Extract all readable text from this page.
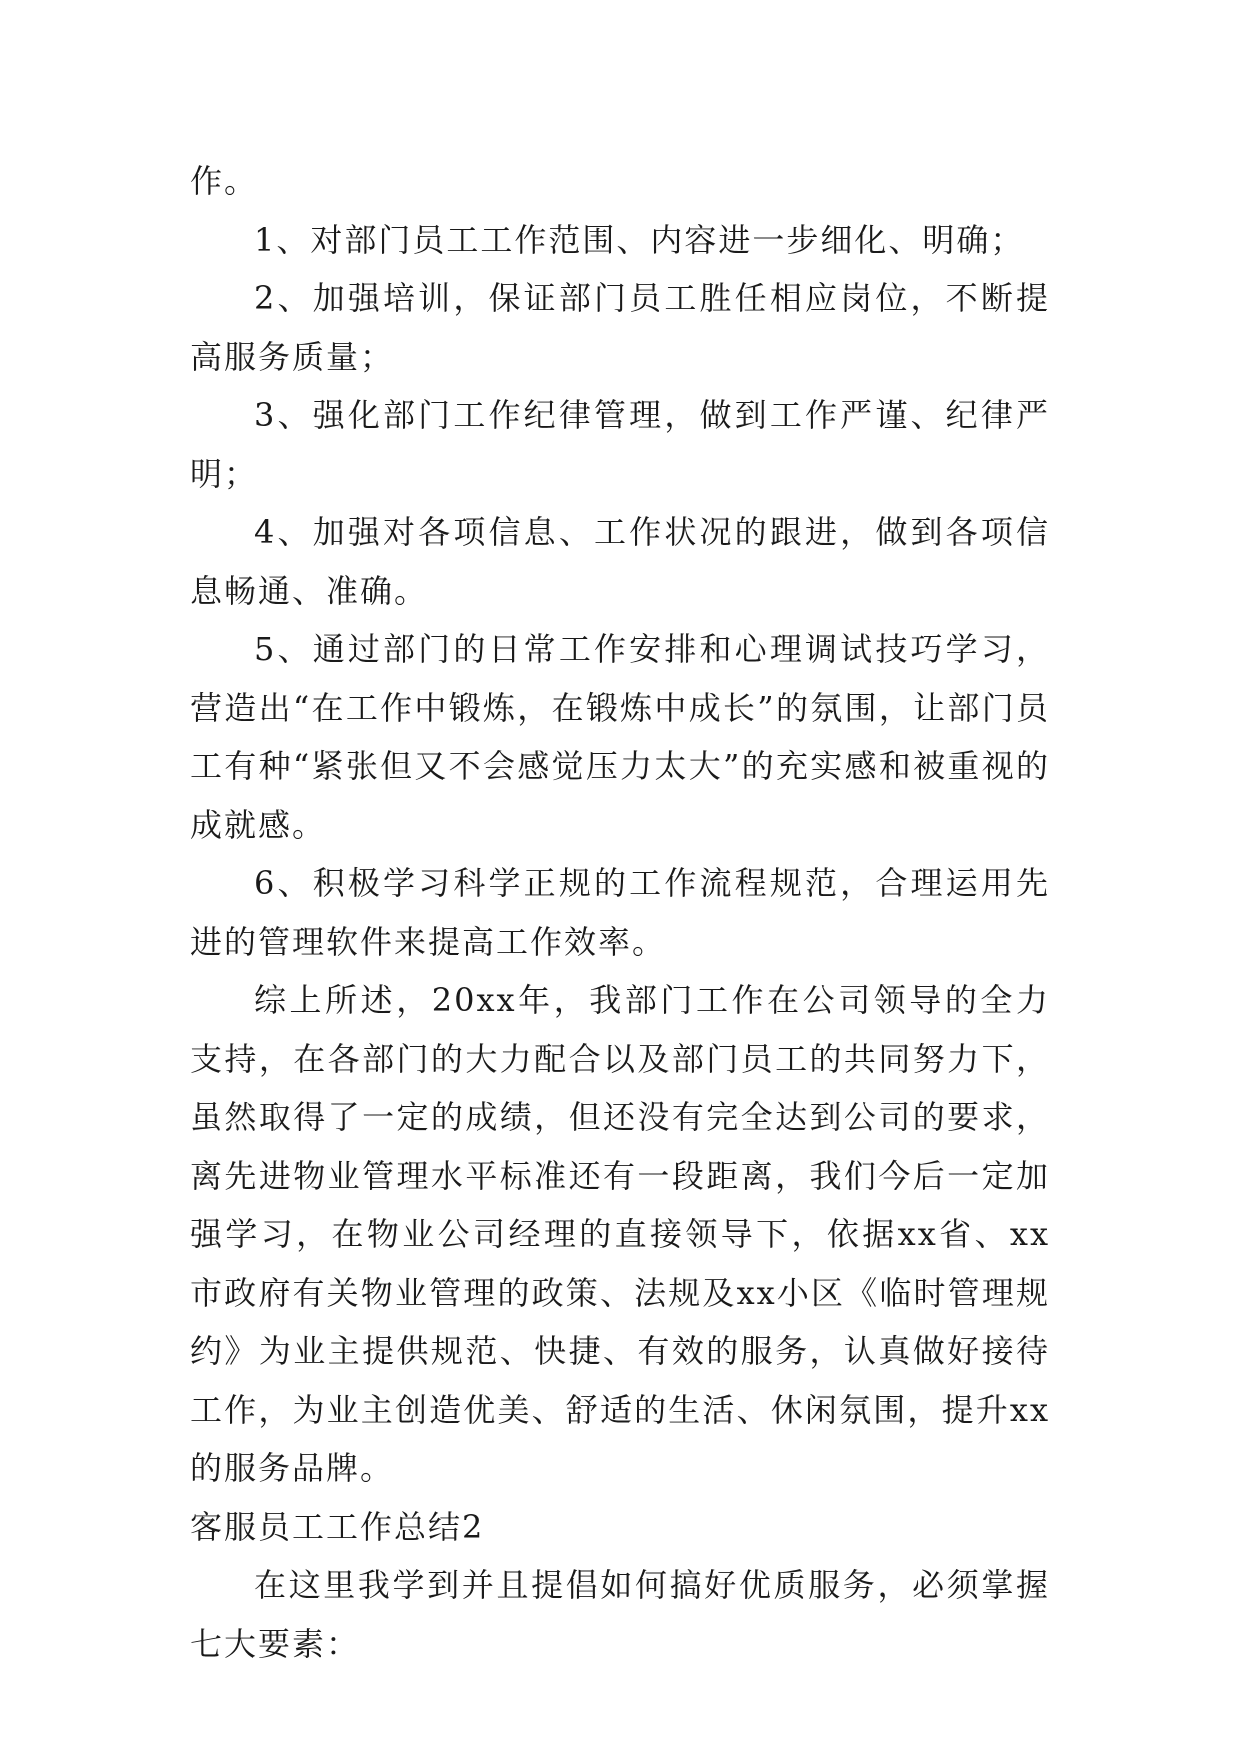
作。

1、对部门员工工作范围、内容进一步细化、明确；

2、加强培训，保证部门员工胜任相应岗位，不断提高服务质量；

3、强化部门工作纪律管理，做到工作严谨、纪律严明；

4、加强对各项信息、工作状况的跟进，做到各项信息畅通、准确。

5、通过部门的日常工作安排和心理调试技巧学习，营造出“在工作中锻炼，在锻炼中成长”的氛围，让部门员工有种“紧张但又不会感觉压力太大”的充实感和被重视的成就感。

6、积极学习科学正规的工作流程规范，合理运用先进的管理软件来提高工作效率。

综上所述，20xx年，我部门工作在公司领导的全力支持，在各部门的大力配合以及部门员工的共同努力下，虽然取得了一定的成绩，但还没有完全达到公司的要求，离先进物业管理水平标准还有一段距离，我们今后一定加强学习，在物业公司经理的直接领导下，依据xx省、xx市政府有关物业管理的政策、法规及xx小区《临时管理规约》为业主提供规范、快捷、有效的服务，认真做好接待工作，为业主创造优美、舒适的生活、休闲氛围，提升xx的服务品牌。

客服员工工作总结2

在这里我学到并且提倡如何搞好优质服务，必须掌握七大要素：
